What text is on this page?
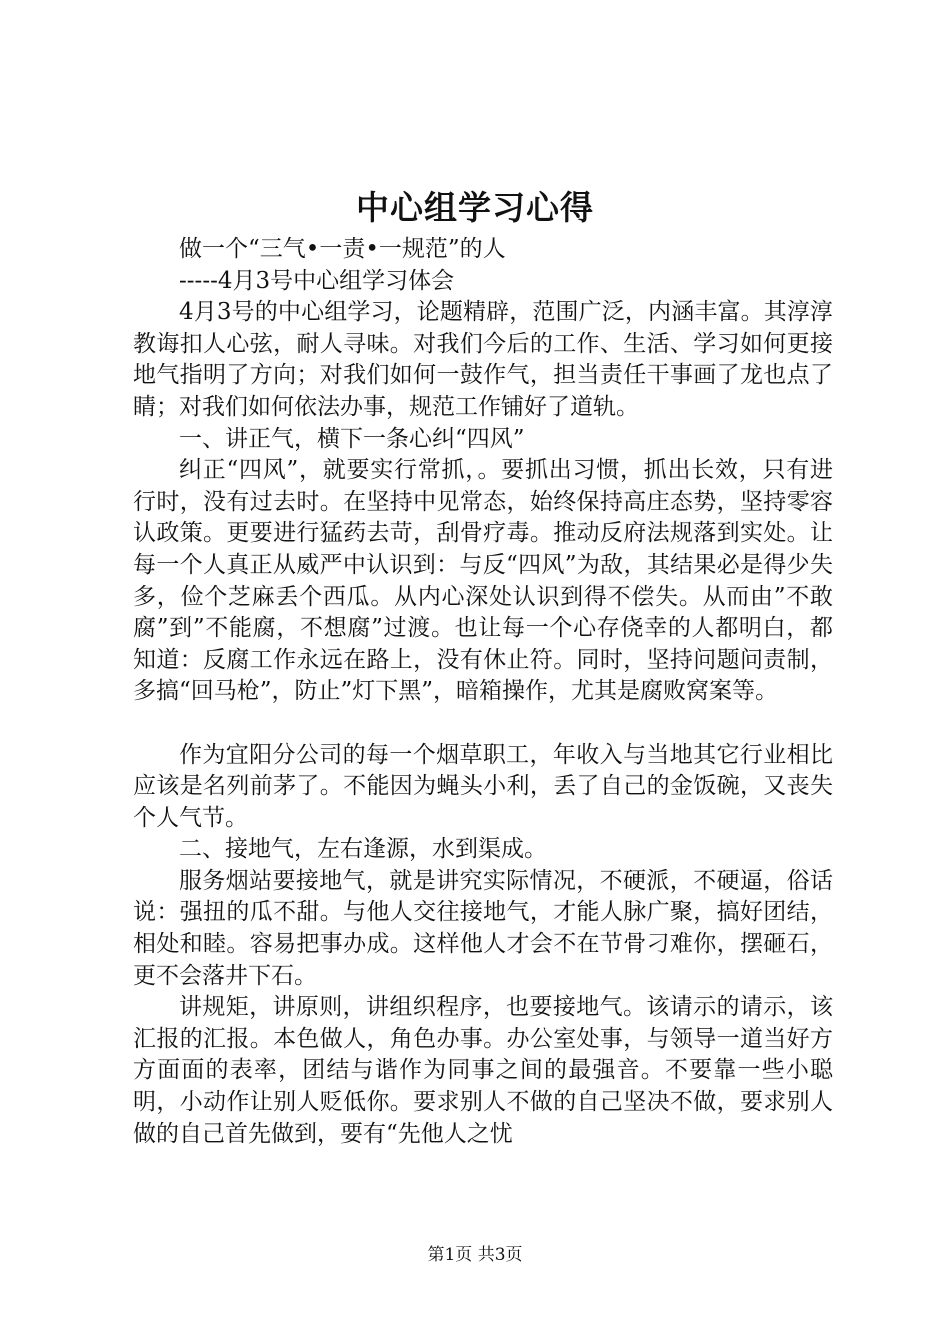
中心组学习心得

做一个“三气•一责•一规范”的人

-----4月3号中心组学习体会

4月3号的中心组学习，论题精辟，范围广泛，内涵丰富。其淳淳教诲扣人心弦，耐人寻味。对我们今后的工作、生活、学习如何更接地气指明了方向；对我们如何一鼓作气，担当责任干事画了龙也点了睛；对我们如何依法办事，规范工作铺好了道轨。

一、讲正气，横下一条心纠“四风”

纠正“四风”，就要实行常抓，。要抓出习惯，抓出长效，只有进行时，没有过去时。在坚持中见常态，始终保持高庄态势，坚持零容认政策。更要进行猛药去苛，刮骨疗毒。推动反府法规落到实处。让每一个人真正从威严中认识到：与反“四风”为敌，其结果必是得少失多，俭个芝麻丢个西瓜。从内心深处认识到得不偿失。从而由”不敢腐”到”不能腐，不想腐”过渡。也让每一个心存侥幸的人都明白，都知道：反腐工作永远在路上，没有休止符。同时，坚持问题问责制，多搞“回马枪”，防止”灯下黑”，暗箱操作，尤其是腐败窝案等。

作为宜阳分公司的每一个烟草职工，年收入与当地其它行业相比应该是名列前茅了。不能因为蝇头小利，丢了自己的金饭碗，又丧失个人气节。

二、接地气，左右逢源，水到渠成。

服务烟站要接地气，就是讲究实际情况，不硬派，不硬逼，俗话说：强扭的瓜不甜。与他人交往接地气，才能人脉广聚，搞好团结，相处和睦。容易把事办成。这样他人才会不在节骨刁难你，摆砸石，更不会落井下石。

讲规矩，讲原则，讲组织程序，也要接地气。该请示的请示，该汇报的汇报。本色做人，角色办事。办公室处事，与领导一道当好方方面面的表率，团结与谐作为同事之间的最强音。不要靠一些小聪明，小动作让别人贬低你。要求别人不做的自己坚决不做，要求别人做的自己首先做到，要有“先他人之忧

第1页 共3页
